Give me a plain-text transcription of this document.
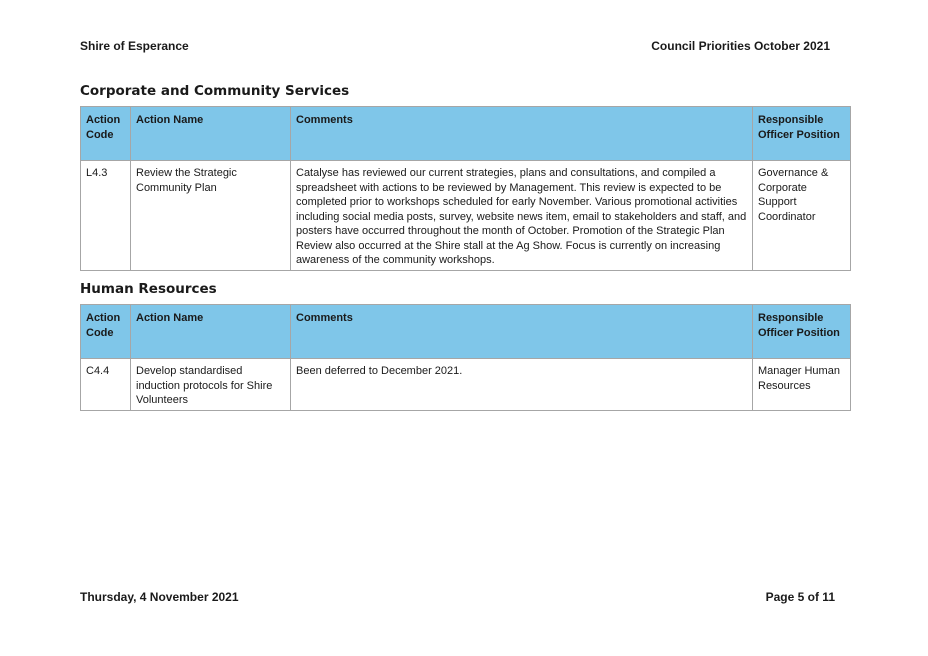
Shire of Esperance	Council Priorities October 2021
Corporate and Community Services
Action Code	Action Name	Comments	Responsible Officer Position
L4.3	Review the Strategic Community Plan	Catalyse has reviewed our current strategies, plans and consultations, and compiled a spreadsheet with actions to be reviewed by Management. This review is expected to be completed prior to workshops scheduled for early November. Various promotional activities including social media posts, survey, website news item, email to stakeholders and staff, and posters have occurred throughout the month of October. Promotion of the Strategic Plan Review also occurred at the Shire stall at the Ag Show. Focus is currently on increasing awareness of the community workshops.	Governance & Corporate Support Coordinator
Human Resources
Action Code	Action Name	Comments	Responsible Officer Position
C4.4	Develop standardised induction protocols for Shire Volunteers	Been deferred to December 2021.	Manager Human Resources
Thursday, 4 November 2021	Page 5 of 11
